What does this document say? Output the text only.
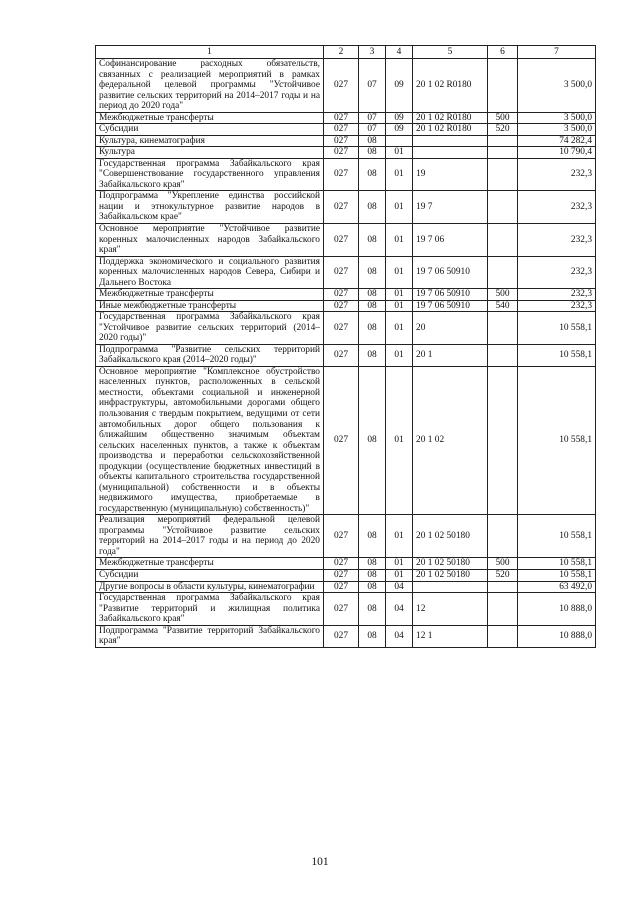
1	2	3	4	5	6	7
Софинансирование расходных обязательств, связанных с реализацией мероприятий в рамках федеральной целевой программы "Устойчивое развитие сельских территорий на 2014–2017 годы и на период до 2020 года"	027	07	09	20 1 02 R0180		3 500,0
Межбюджетные трансферты	027	07	09	20 1 02 R0180	500	3 500,0
Субсидии	027	07	09	20 1 02 R0180	520	3 500,0
Культура, кинематография	027	08				74 282,4
Культура	027	08	01			10 790,4
Государственная программа Забайкальского края "Совершенствование государственного управления Забайкальского края"	027	08	01	19		232,3
Подпрограмма "Укрепление единства российской нации и этнокультурное развитие народов в Забайкальском крае"	027	08	01	19 7		232,3
Основное мероприятие "Устойчивое развитие коренных малочисленных народов Забайкальского края"	027	08	01	19 7 06		232,3
Поддержка экономического и социального развития коренных малочисленных народов Севера, Сибири и Дальнего Востока	027	08	01	19 7 06 50910		232,3
Межбюджетные трансферты	027	08	01	19 7 06 50910	500	232,3
Иные межбюджетные трансферты	027	08	01	19 7 06 50910	540	232,3
Государственная программа Забайкальского края "Устойчивое развитие сельских территорий (2014–2020 годы)"	027	08	01	20		10 558,1
Подпрограмма "Развитие сельских территорий Забайкальского края (2014–2020 годы)"	027	08	01	20 1		10 558,1
Основное мероприятие "Комплексное обустройство населенных пунктов, расположенных в сельской местности, объектами социальной и инженерной инфраструктуры, автомобильными дорогами общего пользования с твердым покрытием, ведущими от сети автомобильных дорог общего пользования к ближайшим общественно значимым объектам сельских населенных пунктов, а также к объектам производства и переработки сельскохозяйственной продукции (осуществление бюджетных инвестиций в объекты капитального строительства государственной (муниципальной) собственности и в объекты недвижимого имущества, приобретаемые в государственную (муниципальную) собственность)"	027	08	01	20 1 02		10 558,1
Реализация мероприятий федеральной целевой программы "Устойчивое развитие сельских территорий на 2014–2017 годы и на период до 2020 года"	027	08	01	20 1 02 50180		10 558,1
Межбюджетные трансферты	027	08	01	20 1 02 50180	500	10 558,1
Субсидии	027	08	01	20 1 02 50180	520	10 558,1
Другие вопросы в области культуры, кинематографии	027	08	04			63 492,0
Государственная программа Забайкальского края "Развитие территорий и жилищная политика Забайкальского края"	027	08	04	12		10 888,0
Подпрограмма "Развитие территорий Забайкальского края"	027	08	04	12 1		10 888,0
101
